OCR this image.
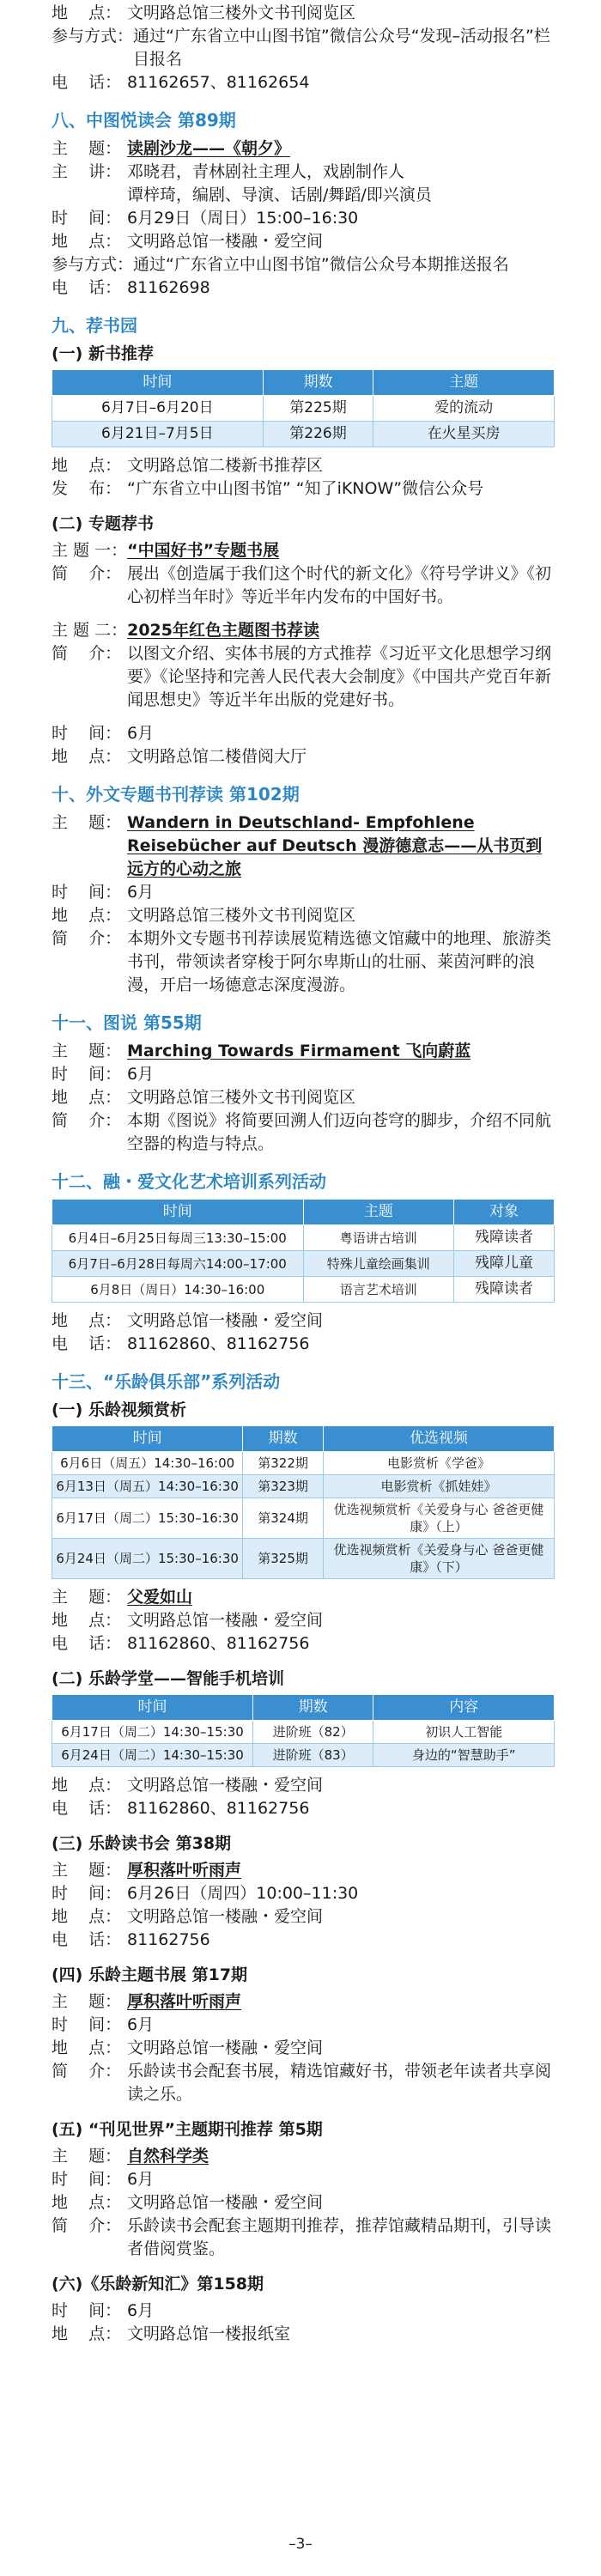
地    点： 文明路总馆三楼外文书刊阅览区
参与方式： 通过“广东省立中山图书馆”微信公众号“发现–活动报名”栏目报名
电    话： 81162657、81162654
八、中图悦读会 第89期
主    题： 读剧沙龙——《朝夕》
主    讲： 邓晓君，青林剧社主理人，戏剧制作人
谭梓琦，编剧、导演、话剧/舞蹈/即兴演员
时    间： 6月29日（周日）15:00–16:30
地    点： 文明路总馆一楼融・爱空间
参与方式： 通过“广东省立中山图书馆”微信公众号本期推送报名
电    话： 81162698
九、荐书园
(一) 新书推荐
时间	期数	主题
6月7日–6月20日	第225期	爱的流动
6月21日–7月5日	第226期	在火星买房
地    点： 文明路总馆二楼新书推荐区
发    布： “广东省立中山图书馆” “知了iKNOW”微信公众号
(二) 专题荐书
主 题 一： “中国好书”专题书展
简    介： 展出《创造属于我们这个时代的新文化》《符号学讲义》《初心初样当年时》等近半年内发布的中国好书。
主 题 二： 2025年红色主题图书荐读
简    介： 以图文介绍、实体书展的方式推荐《习近平文化思想学习纲要》《论坚持和完善人民代表大会制度》《中国共产党百年新闻思想史》等近半年出版的党建好书。
时    间： 6月
地    点： 文明路总馆二楼借阅大厅
十、外文专题书刊荐读 第102期
主    题： Wandern in Deutschland- Empfohlene Reisebücher auf Deutsch 漫游德意志——从书页到远方的心动之旅
时    间： 6月
地    点： 文明路总馆三楼外文书刊阅览区
简    介： 本期外文专题书刊荐读展览精选德文馆藏中的地理、旅游类书刊，带领读者穿梭于阿尔卑斯山的壮丽、莱茵河畔的浪漫，开启一场德意志深度漫游。
十一、图说 第55期
主    题： Marching Towards Firmament 飞向蔚蓝
时    间： 6月
地    点： 文明路总馆三楼外文书刊阅览区
简    介： 本期《图说》将简要回溯人们迈向苍穹的脚步，介绍不同航空器的构造与特点。
十二、融・爱文化艺术培训系列活动
时间	主题	对象
6月4日–6月25日每周三13:30–15:00	粤语讲古培训	残障读者
6月7日–6月28日每周六14:00–17:00	特殊儿童绘画集训	残障儿童
6月8日（周日）14:30–16:00	语言艺术培训	残障读者
地    点： 文明路总馆一楼融・爱空间
电    话： 81162860、81162756
十三、“乐龄俱乐部”系列活动
(一) 乐龄视频赏析
时间	期数	优选视频
6月6日（周五）14:30–16:00	第322期	电影赏析《学爸》
6月13日（周五）14:30–16:30	第323期	电影赏析《抓娃娃》
6月17日（周二）15:30–16:30	第324期	优选视频赏析《关爱身与心 爸爸更健康》（上）
6月24日（周二）15:30–16:30	第325期	优选视频赏析《关爱身与心 爸爸更健康》（下）
主    题： 父爱如山
地    点： 文明路总馆一楼融・爱空间
电    话： 81162860、81162756
(二) 乐龄学堂——智能手机培训
时间	期数	内容
6月17日（周二）14:30–15:30	进阶班（82）	初识人工智能
6月24日（周二）14:30–15:30	进阶班（83）	身边的“智慧助手”
地    点： 文明路总馆一楼融・爱空间
电    话： 81162860、81162756
(三) 乐龄读书会 第38期
主    题： 厚积落叶听雨声
时    间： 6月26日（周四）10:00–11:30
地    点： 文明路总馆一楼融・爱空间
电    话： 81162756
(四) 乐龄主题书展 第17期
主    题： 厚积落叶听雨声
时    间： 6月
地    点： 文明路总馆一楼融・爱空间
简    介： 乐龄读书会配套书展，精选馆藏好书，带领老年读者共享阅读之乐。
(五) “刊见世界”主题期刊推荐 第5期
主    题： 自然科学类
时    间： 6月
地    点： 文明路总馆一楼融・爱空间
简    介： 乐龄读书会配套主题期刊推荐，推荐馆藏精品期刊，引导读者借阅赏鉴。
(六)《乐龄新知汇》第158期
时    间： 6月
地    点： 文明路总馆一楼报纸室
–3–
